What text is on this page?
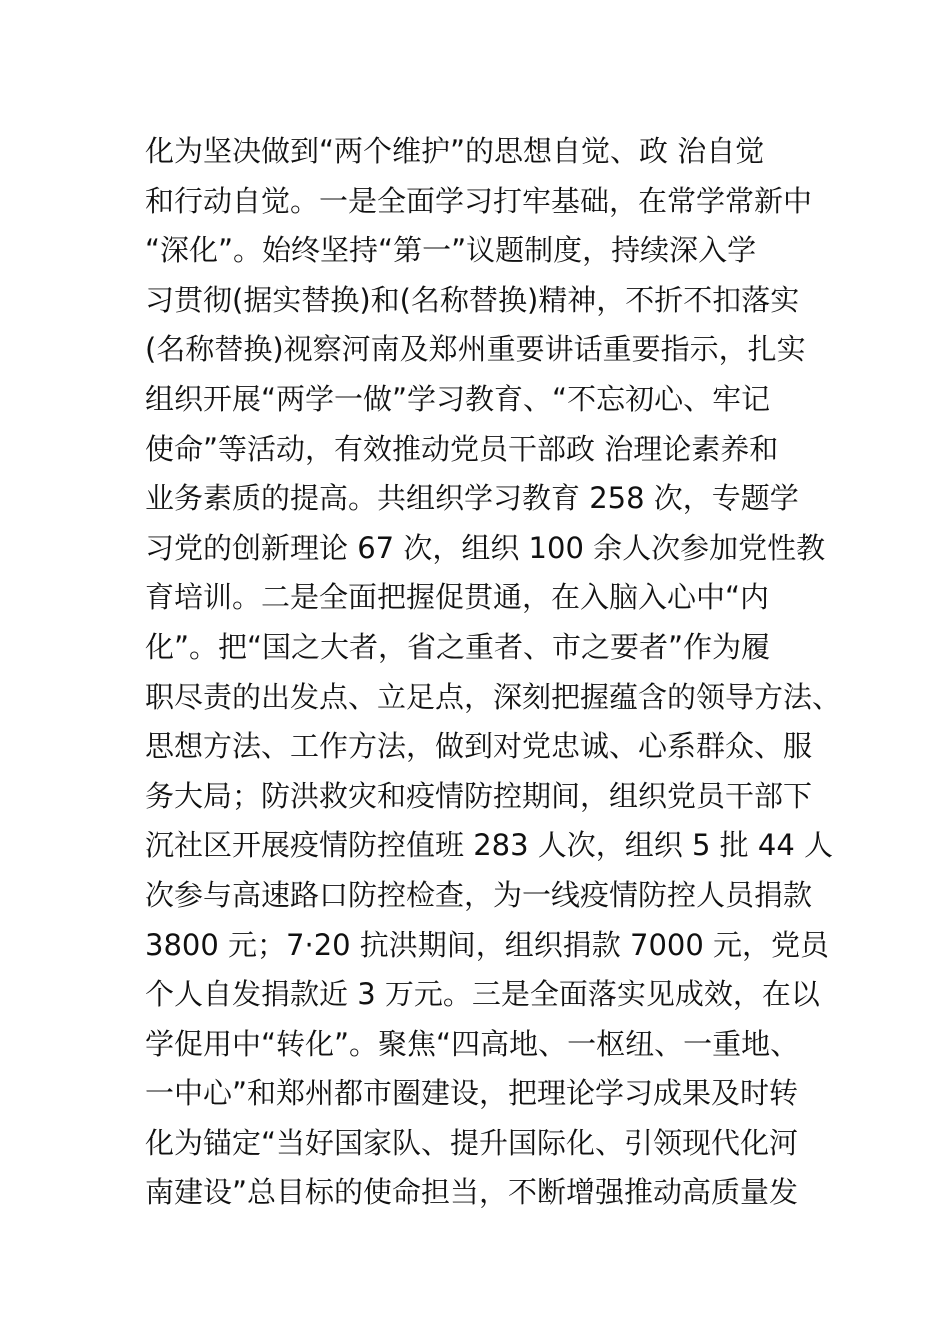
化为坚决做到“两个维护”的思想自觉、政 治自觉
和行动自觉。一是全面学习打牢基础，在常学常新中
“深化”。始终坚持“第一”议题制度，持续深入学
习贯彻(据实替换)和(名称替换)精神，不折不扣落实
(名称替换)视察河南及郑州重要讲话重要指示，扎实
组织开展“两学一做”学习教育、“不忘初心、牢记
使命”等活动，有效推动党员干部政 治理论素养和
业务素质的提高。共组织学习教育 258 次，专题学
习党的创新理论 67 次，组织 100 余人次参加党性教
育培训。二是全面把握促贯通，在入脑入心中“内
化”。把“国之大者，省之重者、市之要者”作为履
职尽责的出发点、立足点，深刻把握蕴含的领导方法、
思想方法、工作方法，做到对党忠诚、心系群众、服
务大局；防洪救灾和疫情防控期间，组织党员干部下
沉社区开展疫情防控值班 283 人次，组织 5 批 44 人
次参与高速路口防控检查，为一线疫情防控人员捐款
3800 元；7·20 抗洪期间，组织捐款 7000 元，党员
个人自发捐款近 3 万元。三是全面落实见成效，在以
学促用中“转化”。聚焦“四高地、一枢纽、一重地、
一中心”和郑州都市圈建设，把理论学习成果及时转
化为锚定“当好国家队、提升国际化、引领现代化河
南建设”总目标的使命担当，不断增强推动高质量发
